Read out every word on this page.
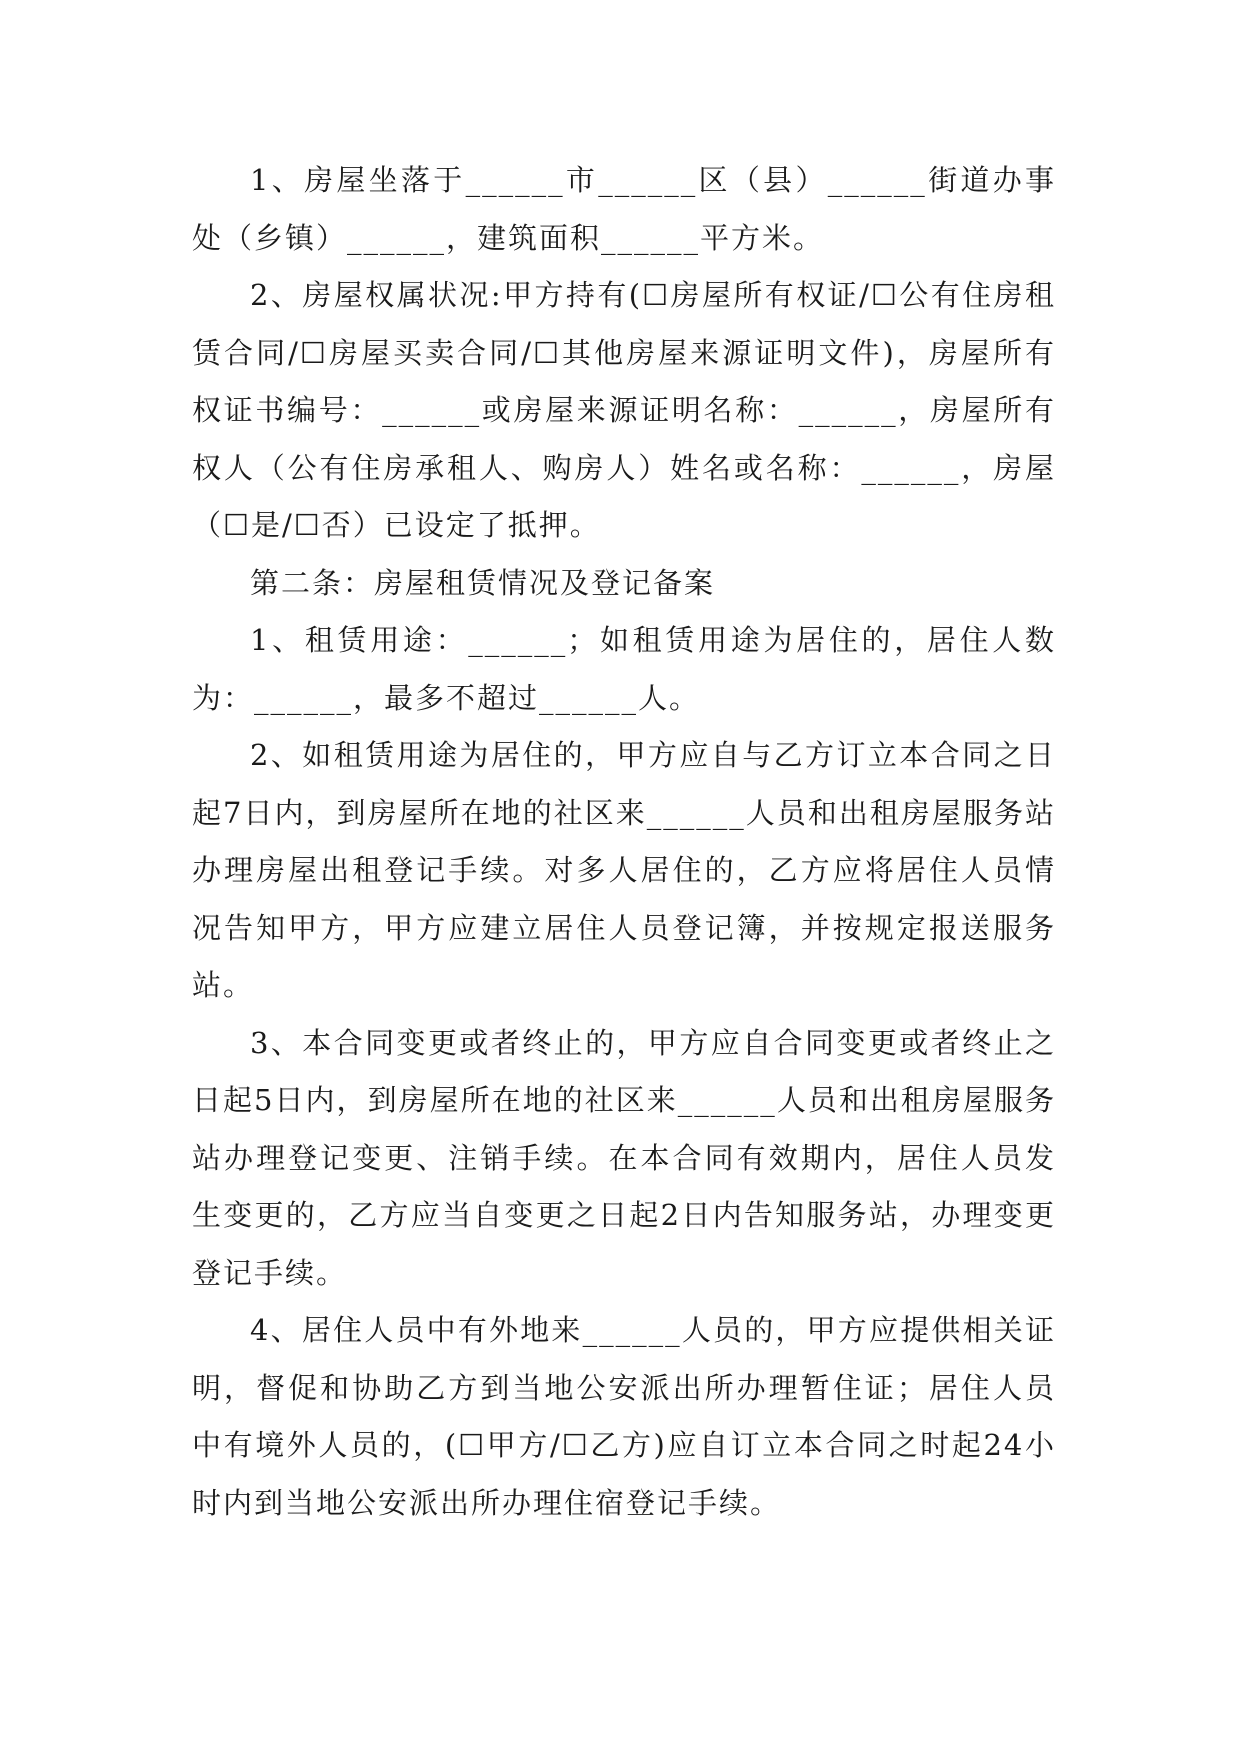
1、房屋坐落于______市______区（县）______街道办事处（乡镇）______，建筑面积______平方米。

2、房屋权属状况:甲方持有(☐房屋所有权证/☐公有住房租赁合同/☐房屋买卖合同/☐其他房屋来源证明文件)，房屋所有权证书编号：______或房屋来源证明名称：______，房屋所有权人（公有住房承租人、购房人）姓名或名称：______，房屋（☐是/☐否）已设定了抵押。

第二条：房屋租赁情况及登记备案

1、租赁用途：______；如租赁用途为居住的，居住人数为：______，最多不超过______人。

2、如租赁用途为居住的，甲方应自与乙方订立本合同之日起7日内，到房屋所在地的社区来______人员和出租房屋服务站办理房屋出租登记手续。对多人居住的，乙方应将居住人员情况告知甲方，甲方应建立居住人员登记簿，并按规定报送服务站。

3、本合同变更或者终止的，甲方应自合同变更或者终止之日起5日内，到房屋所在地的社区来______人员和出租房屋服务站办理登记变更、注销手续。在本合同有效期内，居住人员发生变更的，乙方应当自变更之日起2日内告知服务站，办理变更登记手续。

4、居住人员中有外地来______人员的，甲方应提供相关证明，督促和协助乙方到当地公安派出所办理暂住证；居住人员中有境外人员的，(☐甲方/☐乙方)应自订立本合同之时起24小时内到当地公安派出所办理住宿登记手续。
